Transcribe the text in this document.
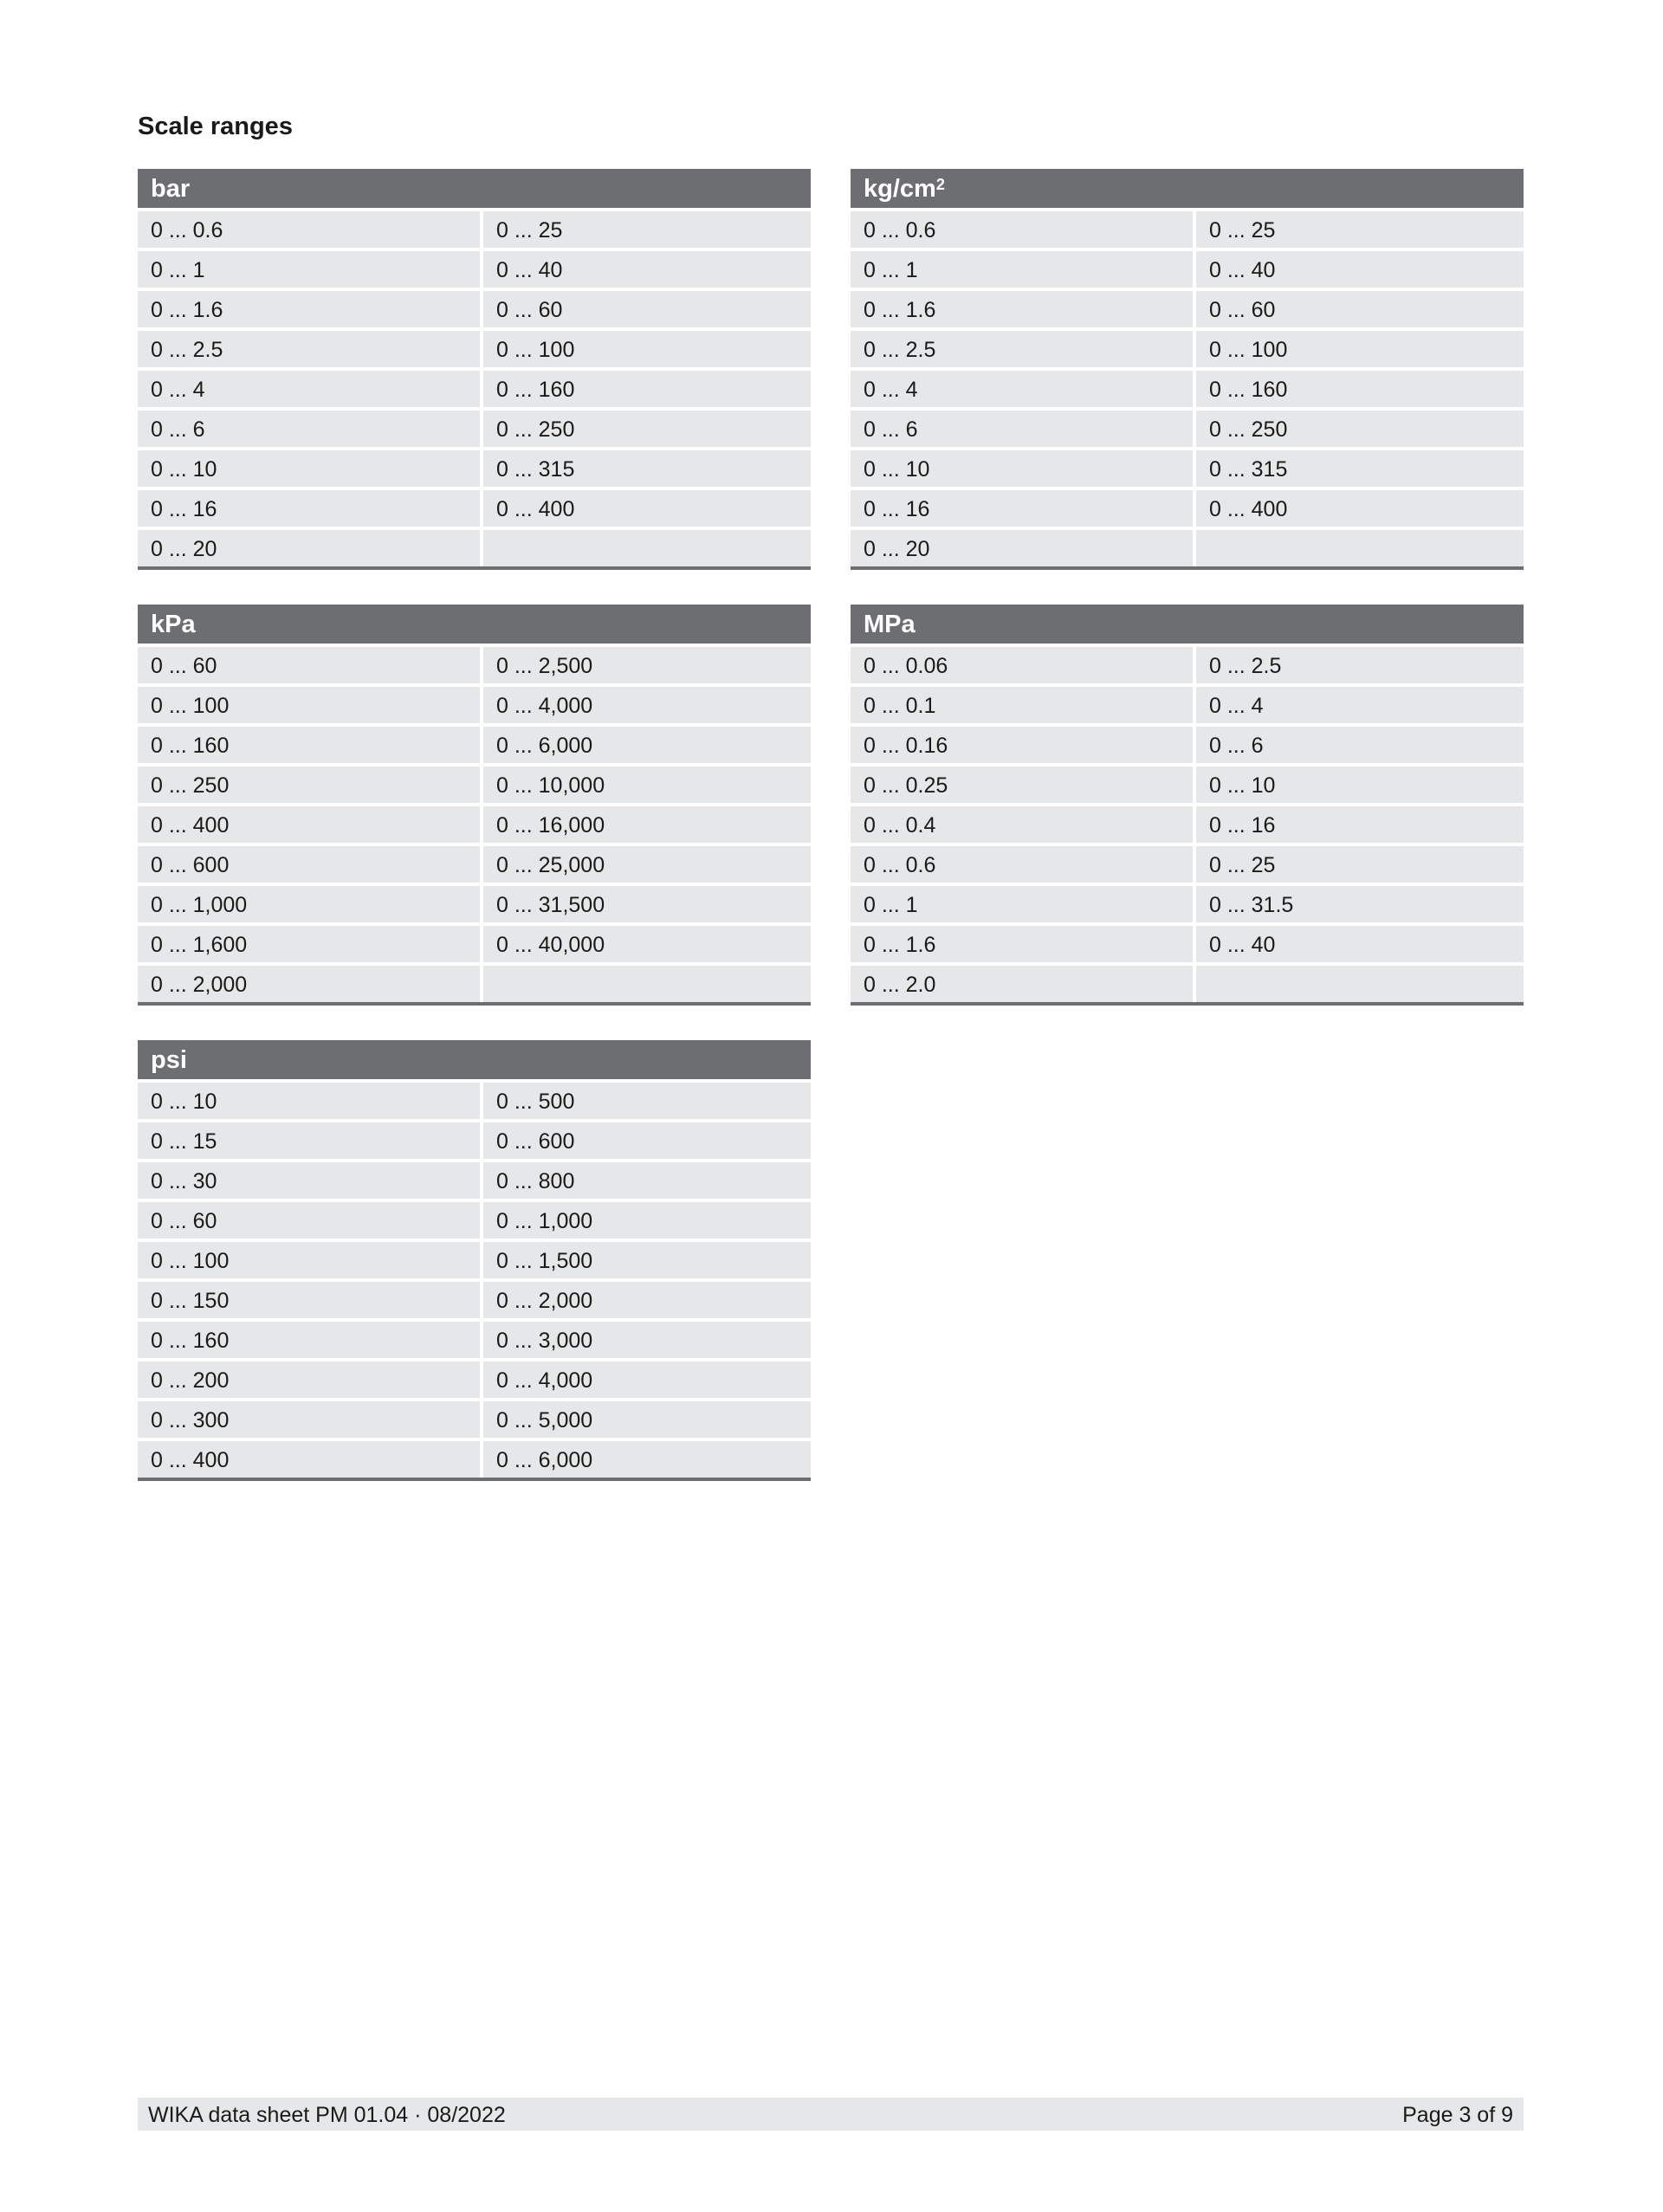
Scale ranges
bar
0 ... 0.6	0 ... 25
0 ... 1	0 ... 40
0 ... 1.6	0 ... 60
0 ... 2.5	0 ... 100
0 ... 4	0 ... 160
0 ... 6	0 ... 250
0 ... 10	0 ... 315
0 ... 16	0 ... 400
0 ... 20
$kg/cm^2$
0 ... 0.6	0 ... 25
0 ... 1	0 ... 40
0 ... 1.6	0 ... 60
0 ... 2.5	0 ... 100
0 ... 4	0 ... 160
0 ... 6	0 ... 250
0 ... 10	0 ... 315
0 ... 16	0 ... 400
0 ... 20
kPa
0 ... 60	0 ... 2,500
0 ... 100	0 ... 4,000
0 ... 160	0 ... 6,000
0 ... 250	0 ... 10,000
0 ... 400	0 ... 16,000
0 ... 600	0 ... 25,000
0 ... 1,000	0 ... 31,500
0 ... 1,600	0 ... 40,000
0 ... 2,000
MPa
0 ... 0.06	0 ... 2.5
0 ... 0.1	0 ... 4
0 ... 0.16	0 ... 6
0 ... 0.25	0 ... 10
0 ... 0.4	0 ... 16
0 ... 0.6	0 ... 25
0 ... 1	0 ... 31.5
0 ... 1.6	0 ... 40
0 ... 2.0
psi
0 ... 10	0 ... 500
0 ... 15	0 ... 600
0 ... 30	0 ... 800
0 ... 60	0 ... 1,000
0 ... 100	0 ... 1,500
0 ... 150	0 ... 2,000
0 ... 160	0 ... 3,000
0 ... 200	0 ... 4,000
0 ... 300	0 ... 5,000
0 ... 400	0 ... 6,000
WIKA data sheet PM 01.04 · 08/2022	Page 3 of 9
